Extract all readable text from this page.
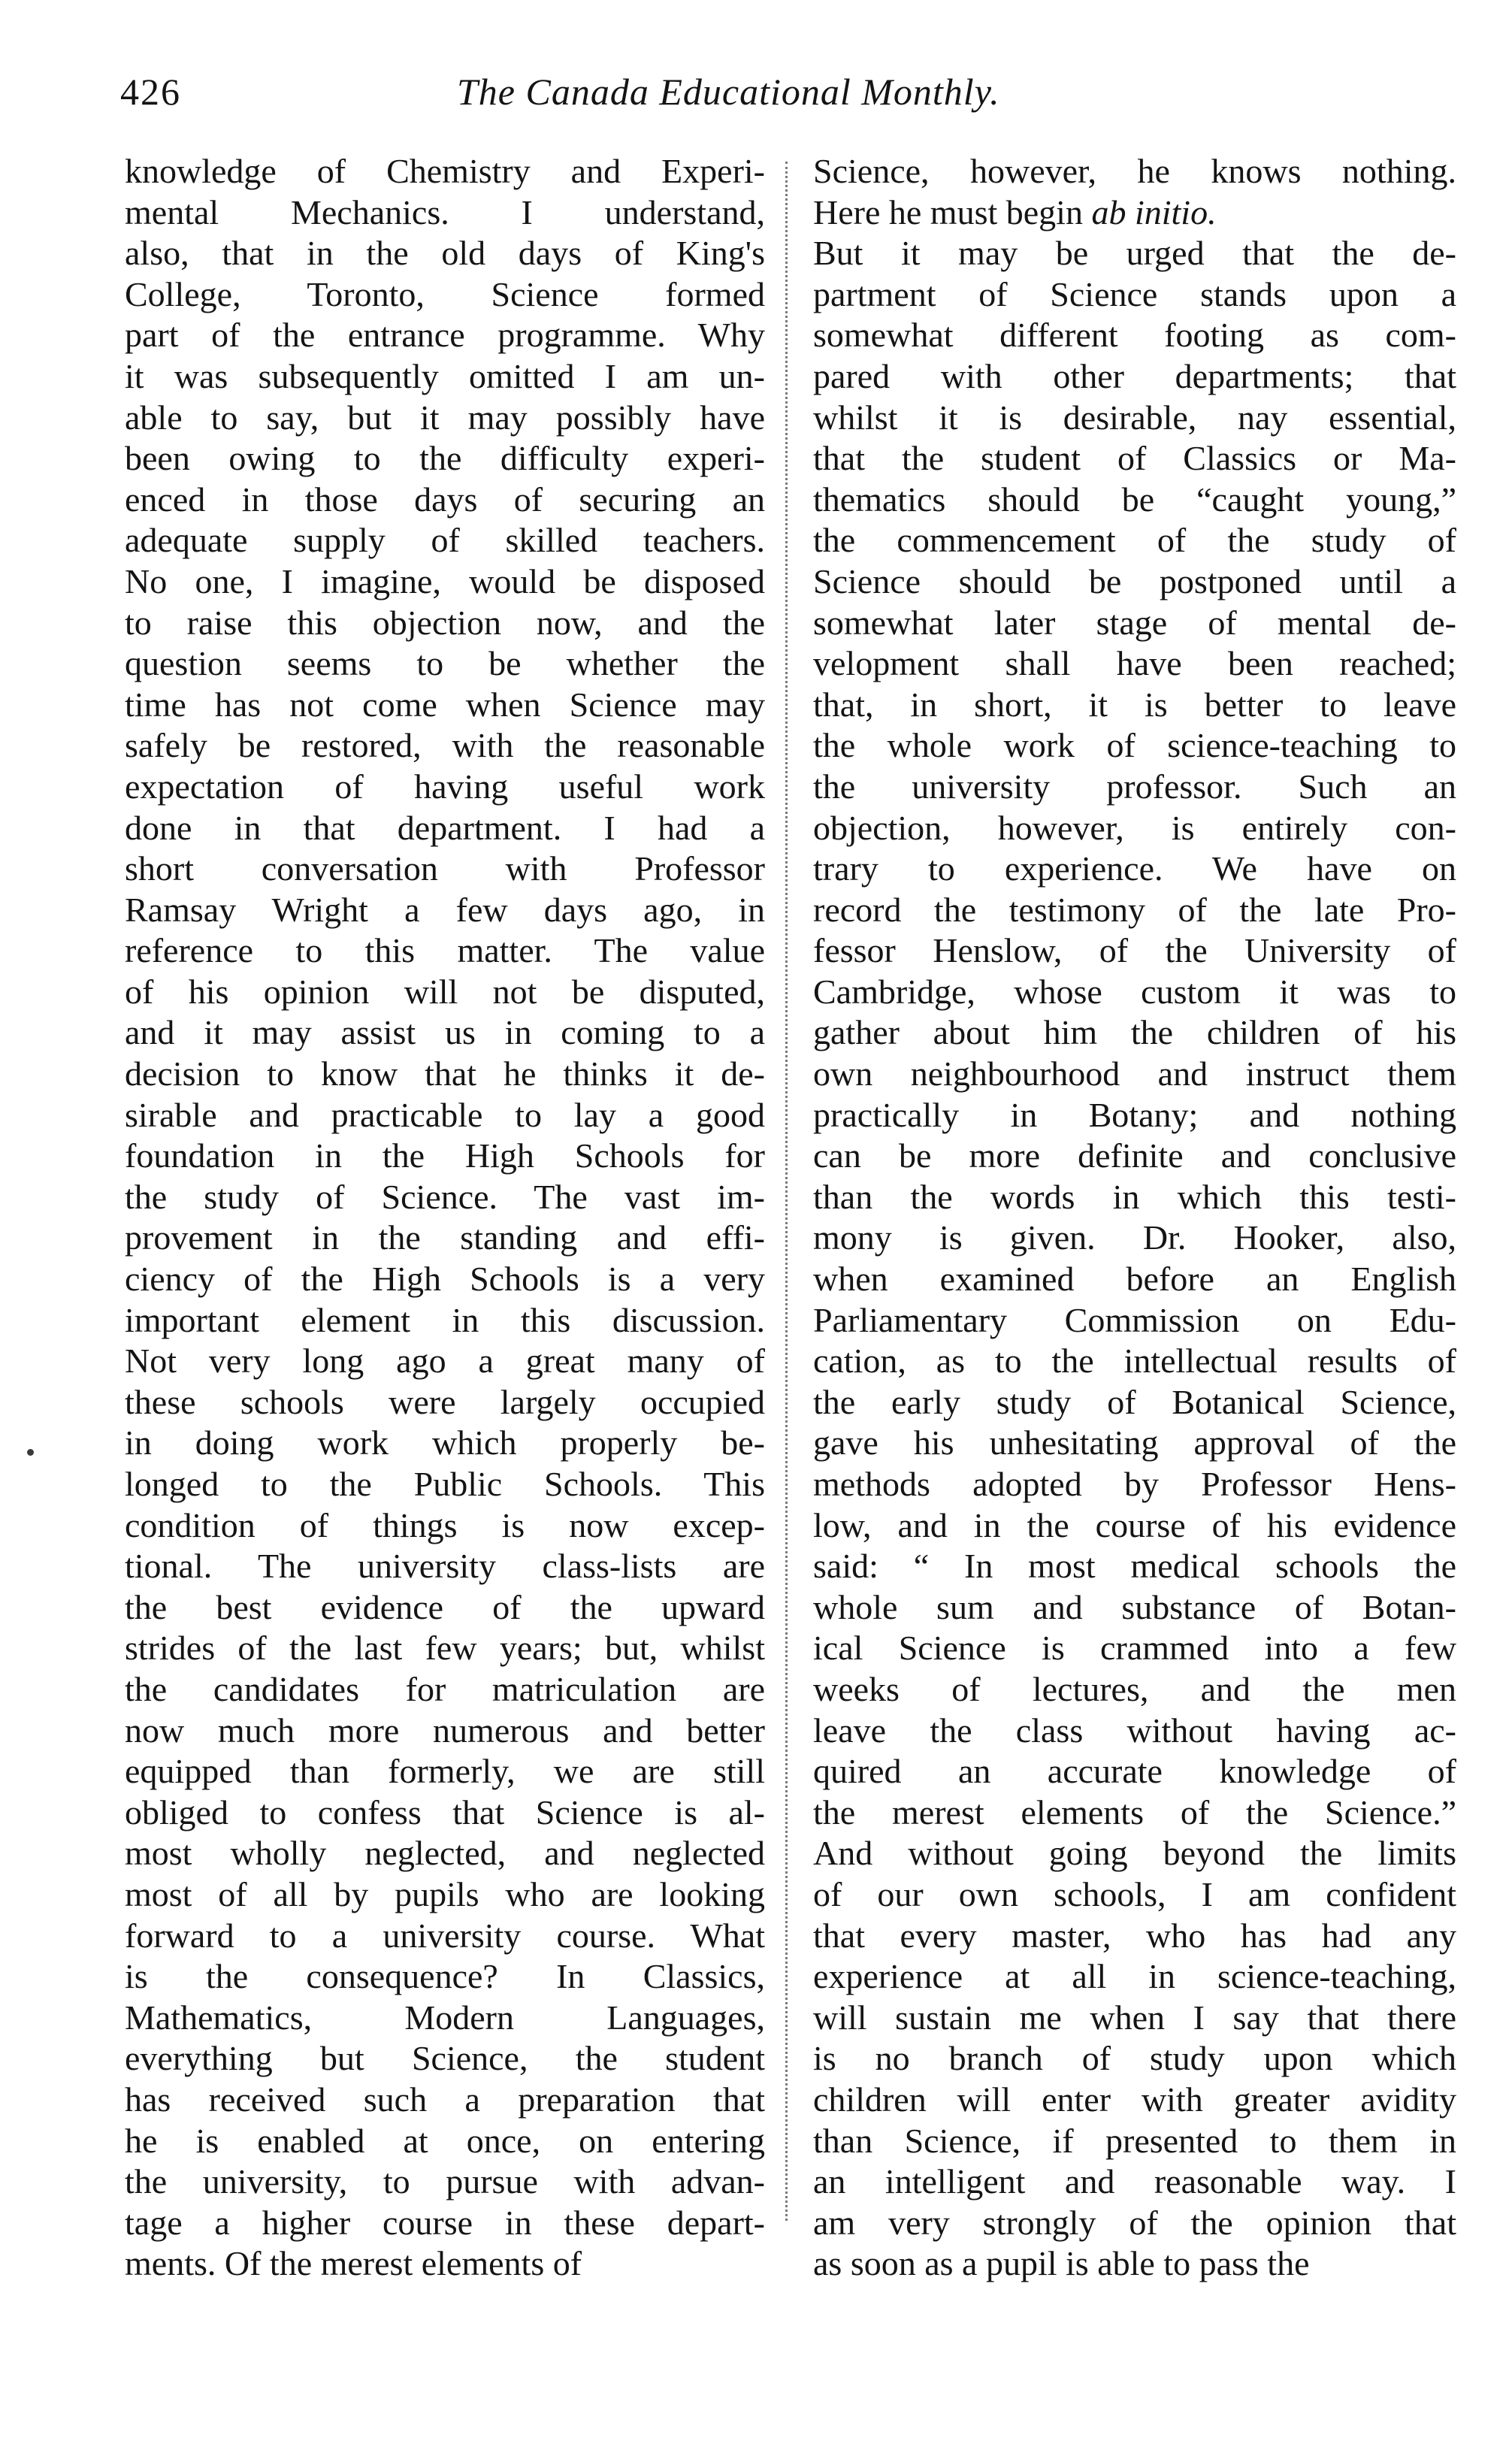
426	The Canada Educational Monthly.
knowledge of Chemistry and Experi-
mental Mechanics. I understand,
also, that in the old days of King's
College, Toronto, Science formed
part of the entrance programme. Why
it was subsequently omitted I am un-
able to say, but it may possibly have
been owing to the difficulty experi-
enced in those days of securing an
adequate supply of skilled teachers.
No one, I imagine, would be disposed
to raise this objection now, and the
question seems to be whether the
time has not come when Science may
safely be restored, with the reasonable
expectation of having useful work
done in that department. I had a
short conversation with Professor
Ramsay Wright a few days ago, in
reference to this matter. The value
of his opinion will not be disputed,
and it may assist us in coming to a
decision to know that he thinks it de-
sirable and practicable to lay a good
foundation in the High Schools for
the study of Science. The vast im-
provement in the standing and effi-
ciency of the High Schools is a very
important element in this discussion.
Not very long ago a great many of
these schools were largely occupied
in doing work which properly be-
longed to the Public Schools. This
condition of things is now excep-
tional. The university class-lists are
the best evidence of the upward
strides of the last few years; but, whilst
the candidates for matriculation are
now much more numerous and better
equipped than formerly, we are still
obliged to confess that Science is al-
most wholly neglected, and neglected
most of all by pupils who are looking
forward to a university course. What
is the consequence? In Classics,
Mathematics, Modern Languages,
everything but Science, the student
has received such a preparation that
he is enabled at once, on entering
the university, to pursue with advan-
tage a higher course in these depart-
ments. Of the merest elements of
Science, however, he knows nothing.
Here he must begin ab initio.
But it may be urged that the de-
partment of Science stands upon a
somewhat different footing as com-
pared with other departments; that
whilst it is desirable, nay essential,
that the student of Classics or Ma-
thematics should be “caught young,”
the commencement of the study of
Science should be postponed until a
somewhat later stage of mental de-
velopment shall have been reached;
that, in short, it is better to leave
the whole work of science-teaching to
the university professor. Such an
objection, however, is entirely con-
trary to experience. We have on
record the testimony of the late Pro-
fessor Henslow, of the University of
Cambridge, whose custom it was to
gather about him the children of his
own neighbourhood and instruct them
practically in Botany; and nothing
can be more definite and conclusive
than the words in which this testi-
mony is given. Dr. Hooker, also,
when examined before an English
Parliamentary Commission on Edu-
cation, as to the intellectual results of
the early study of Botanical Science,
gave his unhesitating approval of the
methods adopted by Professor Hens-
low, and in the course of his evidence
said: “ In most medical schools the
whole sum and substance of Botan-
ical Science is crammed into a few
weeks of lectures, and the men
leave the class without having ac-
quired an accurate knowledge of
the merest elements of the Science.”
And without going beyond the limits
of our own schools, I am confident
that every master, who has had any
experience at all in science-teaching,
will sustain me when I say that there
is no branch of study upon which
children will enter with greater avidity
than Science, if presented to them in
an intelligent and reasonable way. I
am very strongly of the opinion that
as soon as a pupil is able to pass the
